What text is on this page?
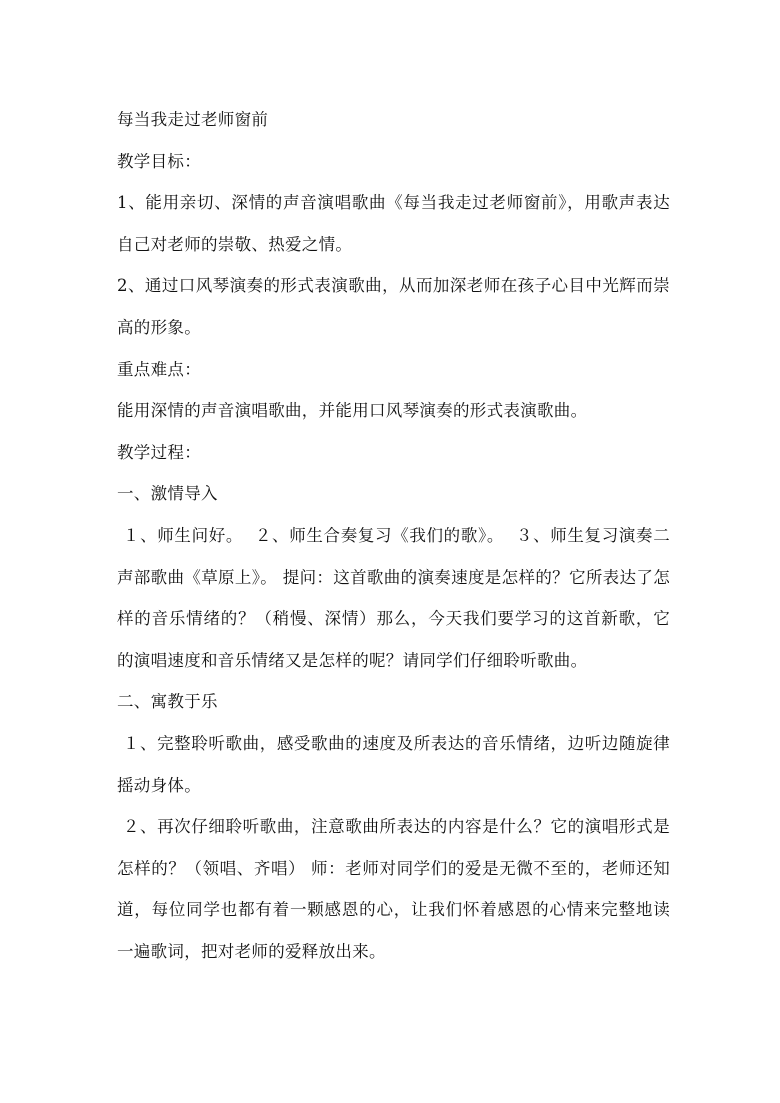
每当我走过老师窗前

教学目标：

1、能用亲切、深情的声音演唱歌曲《每当我走过老师窗前》，用歌声表达自己对老师的崇敬、热爱之情。

2、通过口风琴演奏的形式表演歌曲，从而加深老师在孩子心目中光辉而崇高的形象。

重点难点：

能用深情的声音演唱歌曲，并能用口风琴演奏的形式表演歌曲。

教学过程：

一、激情导入

１、师生问好。  ２、师生合奏复习《我们的歌》。  ３、师生复习演奏二声部歌曲《草原上》。 提问：这首歌曲的演奏速度是怎样的？它所表达了怎样的音乐情绪的？（稍慢、深情）那么，今天我们要学习的这首新歌，它的演唱速度和音乐情绪又是怎样的呢？请同学们仔细聆听歌曲。

二、寓教于乐

１、完整聆听歌曲，感受歌曲的速度及所表达的音乐情绪，边听边随旋律摇动身体。

２、再次仔细聆听歌曲，注意歌曲所表达的内容是什么？它的演唱形式是怎样的？（领唱、齐唱） 师：老师对同学们的爱是无微不至的，老师还知道，每位同学也都有着一颗感恩的心，让我们怀着感恩的心情来完整地读一遍歌词，把对老师的爱释放出来。
